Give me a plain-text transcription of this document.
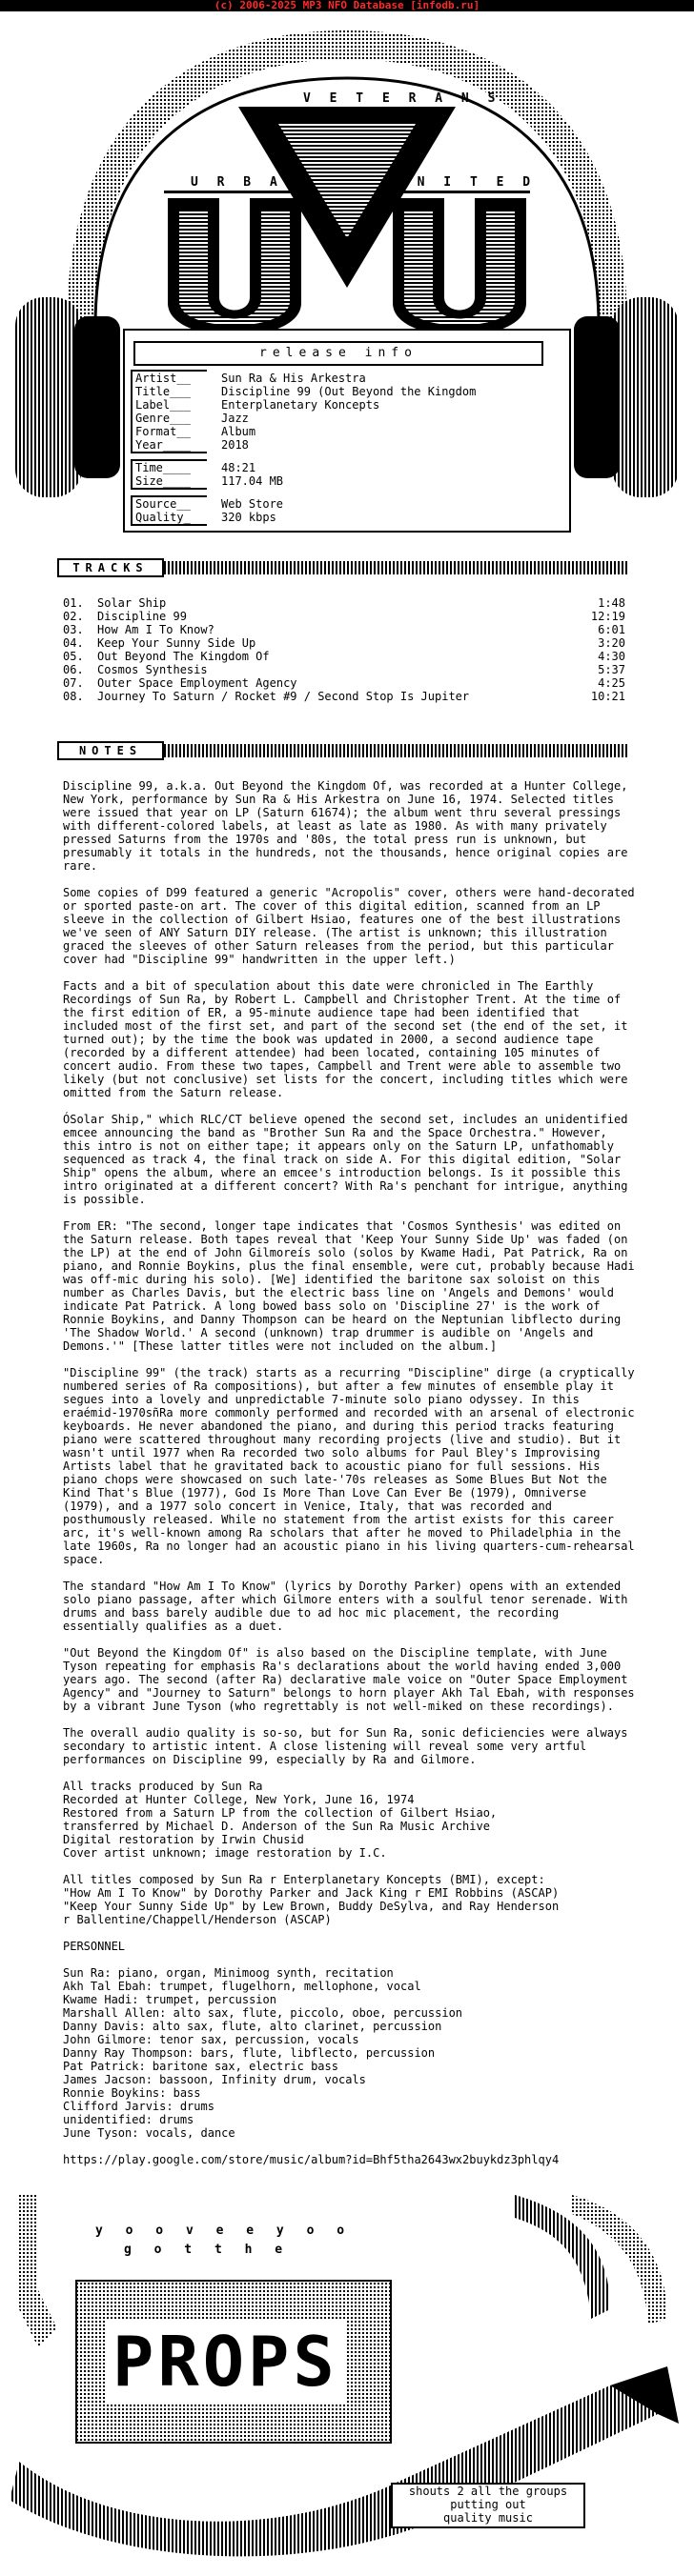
(c) 2006-2025 MP3 NFO Database [infodb.ru]
V E T E R A N S
U R B A N	U N I T E D
release info
Artist__	Sun Ra & His Arkestra
Title___	Discipline 99 (Out Beyond the Kingdom
Label___	Enterplanetary Koncepts
Genre___	Jazz
Format__	Album
Year____	2018
Time____	48:21
Size____	117.04 MB
Source__	Web Store
Quality_	320 kbps
TRACKS
01. Solar Ship	1:48
02. Discipline 99	12:19
03. How Am I To Know?	6:01
04. Keep Your Sunny Side Up	3:20
05. Out Beyond The Kingdom Of	4:30
06. Cosmos Synthesis	5:37
07. Outer Space Employment Agency	4:25
08. Journey To Saturn / Rocket #9 / Second Stop Is Jupiter	10:21
NOTES

Discipline 99, a.k.a. Out Beyond the Kingdom Of, was recorded at a Hunter College, New York, performance by Sun Ra & His Arkestra on June 16, 1974. Selected titles were issued that year on LP (Saturn 61674); the album went thru several pressings with different-colored labels, at least as late as 1980. As with many privately pressed Saturns from the 1970s and '80s, the total press run is unknown, but presumably it totals in the hundreds, not the thousands, hence original copies are rare.

Some copies of D99 featured a generic "Acropolis" cover, others were hand-decorated or sported paste-on art. The cover of this digital edition, scanned from an LP sleeve in the collection of Gilbert Hsiao, features one of the best illustrations we've seen of ANY Saturn DIY release. (The artist is unknown; this illustration graced the sleeves of other Saturn releases from the period, but this particular cover had "Discipline 99" handwritten in the upper left.)

Facts and a bit of speculation about this date were chronicled in The Earthly Recordings of Sun Ra, by Robert L. Campbell and Christopher Trent. At the time of the first edition of ER, a 95-minute audience tape had been identified that included most of the first set, and part of the second set (the end of the set, it turned out); by the time the book was updated in 2000, a second audience tape (recorded by a different attendee) had been located, containing 105 minutes of concert audio. From these two tapes, Campbell and Trent were able to assemble two likely (but not conclusive) set lists for the concert, including titles which were omitted from the Saturn release.

ÓSolar Ship," which RLC/CT believe opened the second set, includes an unidentified emcee announcing the band as "Brother Sun Ra and the Space Orchestra." However, this intro is not on either tape; it appears only on the Saturn LP, unfathomably sequenced as track 4, the final track on side A. For this digital edition, "Solar Ship" opens the album, where an emcee's introduction belongs. Is it possible this intro originated at a different concert? With Ra's penchant for intrigue, anything is possible.

From ER: "The second, longer tape indicates that 'Cosmos Synthesis' was edited on the Saturn release. Both tapes reveal that 'Keep Your Sunny Side Up' was faded (on the LP) at the end of John Gilmoreís solo (solos by Kwame Hadi, Pat Patrick, Ra on piano, and Ronnie Boykins, plus the final ensemble, were cut, probably because Hadi was off-mic during his solo). [We] identified the baritone sax soloist on this number as Charles Davis, but the electric bass line on 'Angels and Demons' would indicate Pat Patrick. A long bowed bass solo on 'Discipline 27' is the work of Ronnie Boykins, and Danny Thompson can be heard on the Neptunian libflecto during 'The Shadow World.' A second (unknown) trap drummer is audible on 'Angels and Demons.'" [These latter titles were not included on the album.]

"Discipline 99" (the track) starts as a recurring "Discipline" dirge (a cryptically numbered series of Ra compositions), but after a few minutes of ensemble play it segues into a lovely and unpredictable 7-minute solo piano odyssey. In this eraémid-1970sñRa more commonly performed and recorded with an arsenal of electronic keyboards. He never abandoned the piano, and during this period tracks featuring piano were scattered throughout many recording projects (live and studio). But it wasn't until 1977 when Ra recorded two solo albums for Paul Bley's Improvising Artists label that he gravitated back to acoustic piano for full sessions. His piano chops were showcased on such late-'70s releases as Some Blues But Not the Kind That's Blue (1977), God Is More Than Love Can Ever Be (1979), Omniverse (1979), and a 1977 solo concert in Venice, Italy, that was recorded and posthumously released. While no statement from the artist exists for this career arc, it's well-known among Ra scholars that after he moved to Philadelphia in the late 1960s, Ra no longer had an acoustic piano in his living quarters-cum-rehearsal space.

The standard "How Am I To Know" (lyrics by Dorothy Parker) opens with an extended solo piano passage, after which Gilmore enters with a soulful tenor serenade. With drums and bass barely audible due to ad hoc mic placement, the recording essentially qualifies as a duet.

"Out Beyond the Kingdom Of" is also based on the Discipline template, with June Tyson repeating for emphasis Ra's declarations about the world having ended 3,000 years ago. The second (after Ra) declarative male voice on "Outer Space Employment Agency" and "Journey to Saturn" belongs to horn player Akh Tal Ebah, with responses by a vibrant June Tyson (who regrettably is not well-miked on these recordings).

The overall audio quality is so-so, but for Sun Ra, sonic deficiencies were always secondary to artistic intent. A close listening will reveal some very artful performances on Discipline 99, especially by Ra and Gilmore.

All tracks produced by Sun Ra
Recorded at Hunter College, New York, June 16, 1974
Restored from a Saturn LP from the collection of Gilbert Hsiao,
transferred by Michael D. Anderson of the Sun Ra Music Archive
Digital restoration by Irwin Chusid
Cover artist unknown; image restoration by I.C.
All titles composed by Sun Ra r Enterplanetary Koncepts (BMI), except:
"How Am I To Know" by Dorothy Parker and Jack King r EMI Robbins (ASCAP)
"Keep Your Sunny Side Up" by Lew Brown, Buddy DeSylva, and Ray Henderson
r Ballentine/Chappell/Henderson (ASCAP)
PERSONNEL
Sun Ra: piano, organ, Minimoog synth, recitation
Akh Tal Ebah: trumpet, flugelhorn, mellophone, vocal
Kwame Hadi: trumpet, percussion
Marshall Allen: alto sax, flute, piccolo, oboe, percussion
Danny Davis: alto sax, flute, alto clarinet, percussion
John Gilmore: tenor sax, percussion, vocals
Danny Ray Thompson: bars, flute, libflecto, percussion
Pat Patrick: baritone sax, electric bass
James Jacson: bassoon, Infinity drum, vocals
Ronnie Boykins: bass
Clifford Jarvis: drums
unidentified: drums
June Tyson: vocals, dance
https://play.google.com/store/music/album?id=Bhf5tha2643wx2buykdz3phlqy4
y o o v e e y o o
g o t t h e
PROPS
shouts 2 all the groups
putting out
quality music
